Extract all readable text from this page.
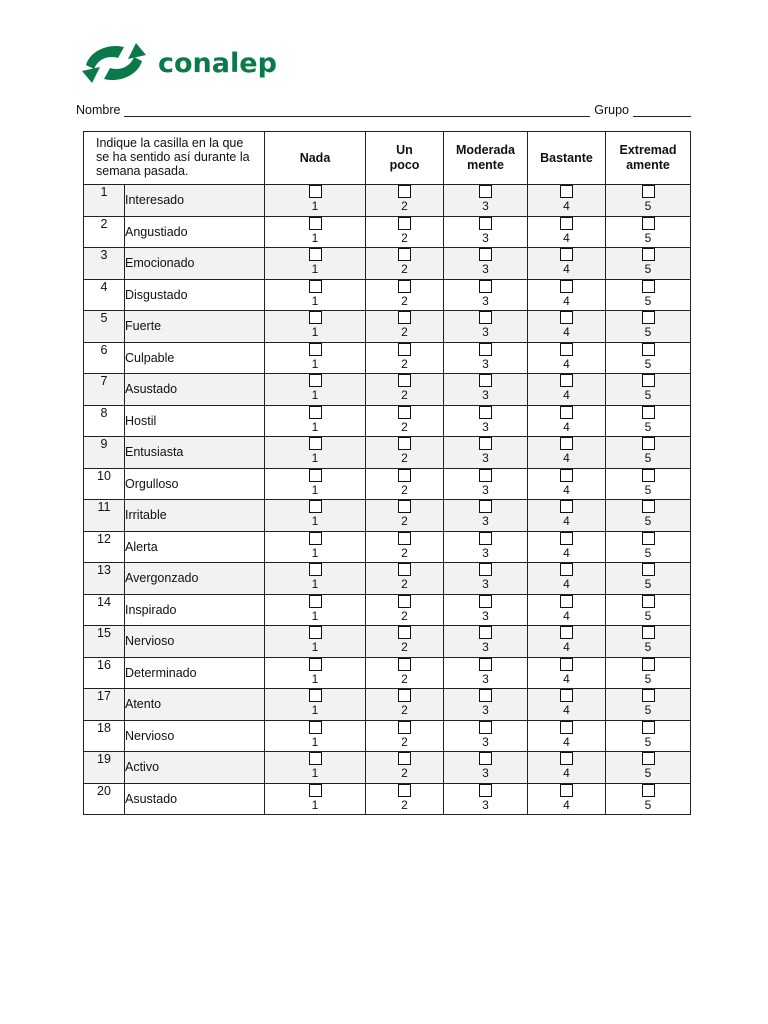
conalep
Nombre	Grupo
Indique la casilla en la que se ha sentido así durante la semana pasada.		Nada	Un poco	Moderada mente	Bastante	Extremad amente
1	Interesado	1	2	3	4	5

2	Angustiado	1	2	3	4	5

3	Emocionado	1	2	3	4	5

4	Disgustado	1	2	3	4	5

5	Fuerte	1	2	3	4	5

6	Culpable	1	2	3	4	5

7	Asustado	1	2	3	4	5

8	Hostil	1	2	3	4	5

9	Entusiasta	1	2	3	4	5

10	Orgulloso	1	2	3	4	5

11	Irritable	1	2	3	4	5

12	Alerta	1	2	3	4	5

13	Avergonzado	1	2	3	4	5

14	Inspirado	1	2	3	4	5

15	Nervioso	1	2	3	4	5

16	Determinado	1	2	3	4	5

17	Atento	1	2	3	4	5

18	Nervioso	1	2	3	4	5

19	Activo	1	2	3	4	5

20	Asustado	1	2	3	4	5
